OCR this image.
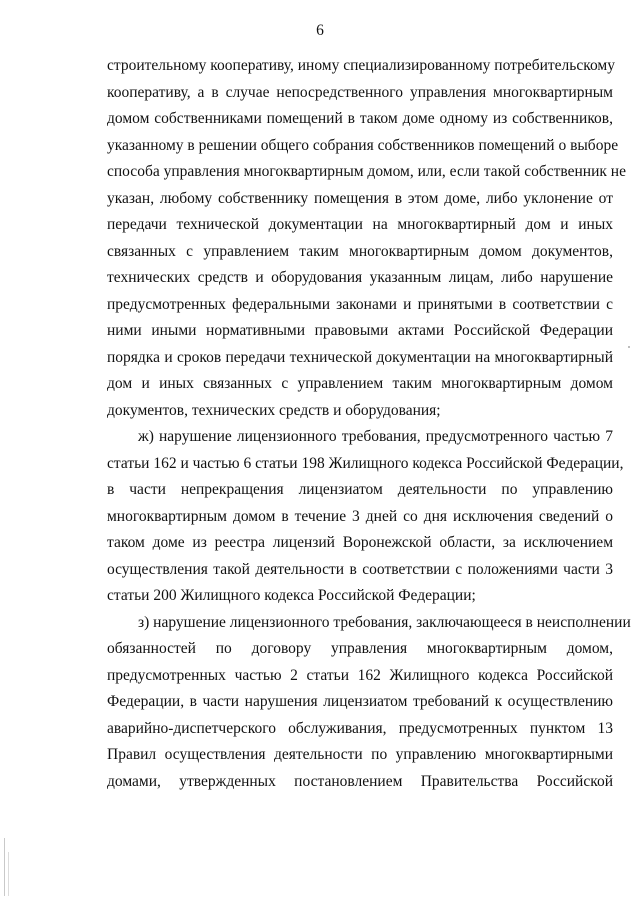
6
строительному кооперативу, иному специализированному потребительскому
кооперативу, а в случае непосредственного управления многоквартирным
домом собственниками помещений в таком доме одному из собственников,
указанному в решении общего собрания собственников помещений о выборе
способа управления многоквартирным домом, или, если такой собственник не
указан, любому собственнику помещения в этом доме, либо уклонение от
передачи технической документации на многоквартирный дом и иных
связанных с управлением таким многоквартирным домом документов,
технических средств и оборудования указанным лицам, либо нарушение
предусмотренных федеральными законами и принятыми в соответствии с
ними иными нормативными правовыми актами Российской Федерации
порядка и сроков передачи технической документации на многоквартирный
дом и иных связанных с управлением таким многоквартирным домом
документов, технических средств и оборудования;
ж) нарушение лицензионного требования, предусмотренного частью 7
статьи 162 и частью 6 статьи 198 Жилищного кодекса Российской Федерации,
в части непрекращения лицензиатом деятельности по управлению
многоквартирным домом в течение 3 дней со дня исключения сведений о
таком доме из реестра лицензий Воронежской области, за исключением
осуществления такой деятельности в соответствии с положениями части 3
статьи 200 Жилищного кодекса Российской Федерации;
з) нарушение лицензионного требования, заключающееся в неисполнении
обязанностей по договору управления многоквартирным домом,
предусмотренных частью 2 статьи 162 Жилищного кодекса Российской
Федерации, в части нарушения лицензиатом требований к осуществлению
аварийно-диспетчерского обслуживания, предусмотренных пунктом 13
Правил осуществления деятельности по управлению многоквартирными
домами, утвержденных постановлением Правительства Российской
